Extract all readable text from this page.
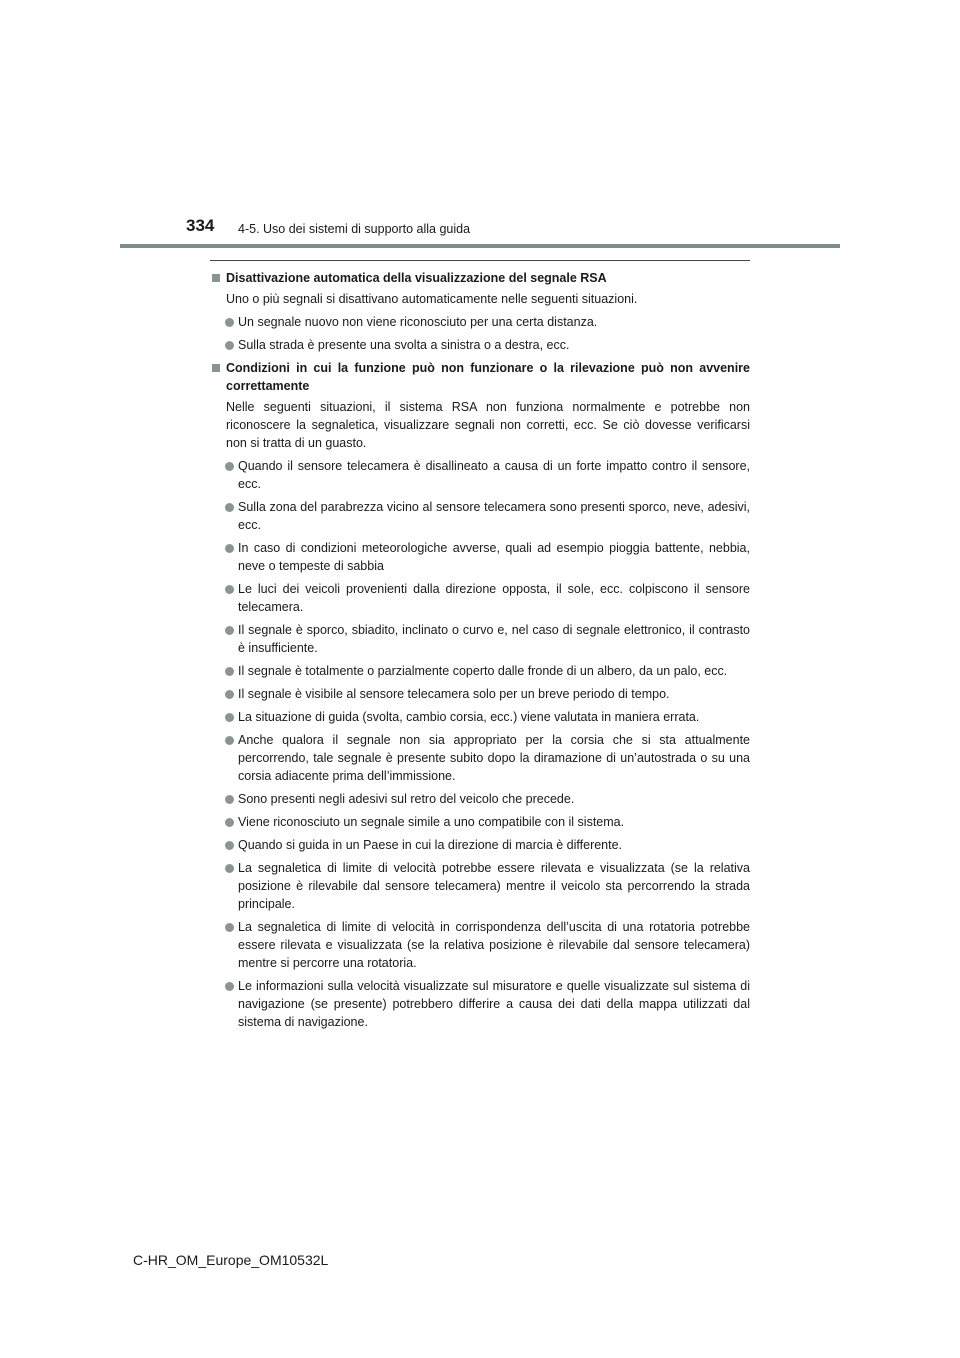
334 4-5. Uso dei sistemi di supporto alla guida
Disattivazione automatica della visualizzazione del segnale RSA
Uno o più segnali si disattivano automaticamente nelle seguenti situazioni.
Un segnale nuovo non viene riconosciuto per una certa distanza.
Sulla strada è presente una svolta a sinistra o a destra, ecc.
Condizioni in cui la funzione può non funzionare o la rilevazione può non avvenire correttamente
Nelle seguenti situazioni, il sistema RSA non funziona normalmente e potrebbe non riconoscere la segnaletica, visualizzare segnali non corretti, ecc. Se ciò dovesse verificarsi non si tratta di un guasto.
Quando il sensore telecamera è disallineato a causa di un forte impatto contro il sensore, ecc.
Sulla zona del parabrezza vicino al sensore telecamera sono presenti sporco, neve, adesivi, ecc.
In caso di condizioni meteorologiche avverse, quali ad esempio pioggia battente, nebbia, neve o tempeste di sabbia
Le luci dei veicoli provenienti dalla direzione opposta, il sole, ecc. colpiscono il sensore telecamera.
Il segnale è sporco, sbiadito, inclinato o curvo e, nel caso di segnale elettronico, il contrasto è insufficiente.
Il segnale è totalmente o parzialmente coperto dalle fronde di un albero, da un palo, ecc.
Il segnale è visibile al sensore telecamera solo per un breve periodo di tempo.
La situazione di guida (svolta, cambio corsia, ecc.) viene valutata in maniera errata.
Anche qualora il segnale non sia appropriato per la corsia che si sta attualmente percorrendo, tale segnale è presente subito dopo la diramazione di un’autostrada o su una corsia adiacente prima dell’immissione.
Sono presenti negli adesivi sul retro del veicolo che precede.
Viene riconosciuto un segnale simile a uno compatibile con il sistema.
Quando si guida in un Paese in cui la direzione di marcia è differente.
La segnaletica di limite di velocità potrebbe essere rilevata e visualizzata (se la relativa posizione è rilevabile dal sensore telecamera) mentre il veicolo sta percorrendo la strada principale.
La segnaletica di limite di velocità in corrispondenza dell’uscita di una rotatoria potrebbe essere rilevata e visualizzata (se la relativa posizione è rilevabile dal sensore telecamera) mentre si percorre una rotatoria.
Le informazioni sulla velocità visualizzate sul misuratore e quelle visualizzate sul sistema di navigazione (se presente) potrebbero differire a causa dei dati della mappa utilizzati dal sistema di navigazione.
C-HR_OM_Europe_OM10532L
